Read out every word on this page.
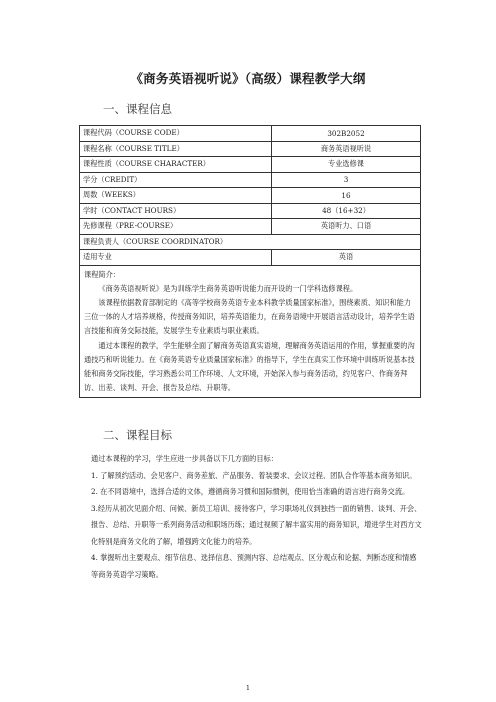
《商务英语视听说》（高级）课程教学大纲
一、课程信息
课程代码（COURSE CODE）	302B2052
课程名称（COURSE TITLE）	商务英语视听说
课程性质（COURSE CHARACTER）	专业选修课
学分（CREDIT）	3
周数（WEEKS）	16
学时（CONTACT HOURS）	48（16+32）
先修课程（PRE-COURSE）	英语听力、口语
课程负责人（COURSE COORDINATOR）	
适用专业	英语

课程简介：

《商务英语视听说》是为训练学生商务英语听说能力而开设的一门学科选修课程。

该课程依据教育部制定的《高等学校商务英语专业本科教学质量国家标准》，围绕素质、知识和能力三位一体的人才培养规格，传授商务知识，培养英语能力，在商务语境中开展语言活动设计，培养学生语言技能和商务交际技能，发展学生专业素质与职业素质。

通过本课程的教学，学生能够全面了解商务英语真实语境，理解商务英语运用的作用，掌握重要的沟通技巧和听说能力。在《商务英语专业质量国家标准》的指导下，学生在真实工作环境中训练听说基本技能和商务交际技能，学习熟悉公司工作环境、人文环境，开始深入参与商务活动，约见客户、作商务拜访、出差、谈判、开会、报告及总结、升职等。	

二、课程目标

通过本课程的学习，学生应进一步具备以下几方面的目标：

1. 了解预约活动、会见客户、商务差旅、产品服务、着装要求、会议过程、团队合作等基本商务知识。

2. 在不同语境中，选择合适的文体，遵循商务习惯和国际惯例，使用恰当准确的语言进行商务交流。

3.经历从初次见面介绍、问候、新员工培训、接待客户，学习职场礼仪到独挡一面的销售、谈判、开会、报告、总结、升职等一系列商务活动和职场历练；通过视频了解丰富实用的商务知识，增进学生对西方文化特别是商务文化的了解，增强跨文化能力的培养。

4. 掌握听出主要观点、细节信息、选择信息、预测内容、总结观点、区分观点和论据、判断态度和情感等商务英语学习策略。

1
